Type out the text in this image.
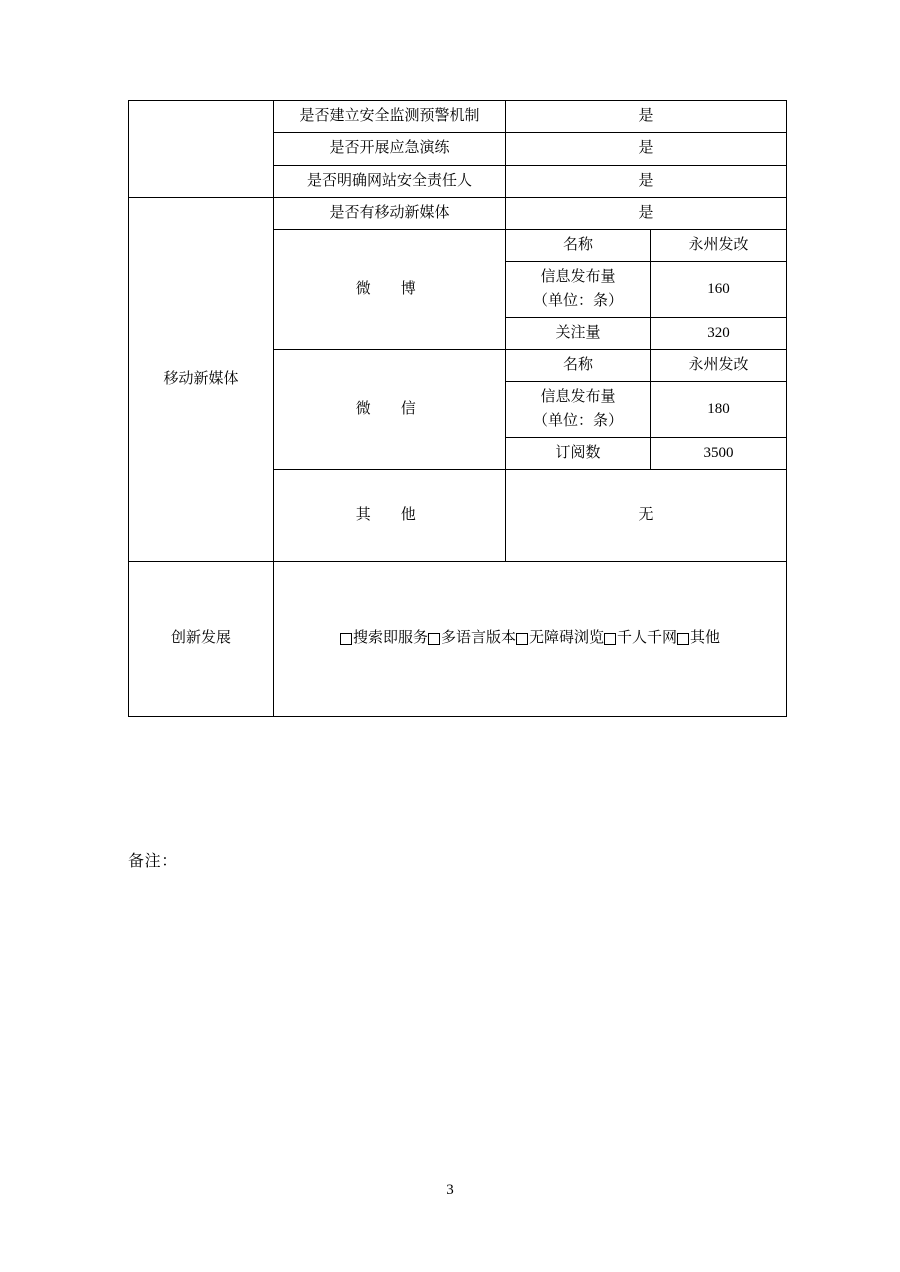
	是否建立安全监测预警机制	是	
	是否开展应急演练	是	
	是否明确网站安全责任人	是	
移动新媒体	是否有移动新媒体	是	
	微　博	名称	永州发改

		信息发布量
（单位：条）	160
		关注量	320
	微　信	名称	永州发改

		信息发布量
（单位：条）	180
		订阅数	3500
	其　他	无	
创新发展	搜索即服务 多语言版本 无障碍浏览 千人千网 其他		
备注：
3
